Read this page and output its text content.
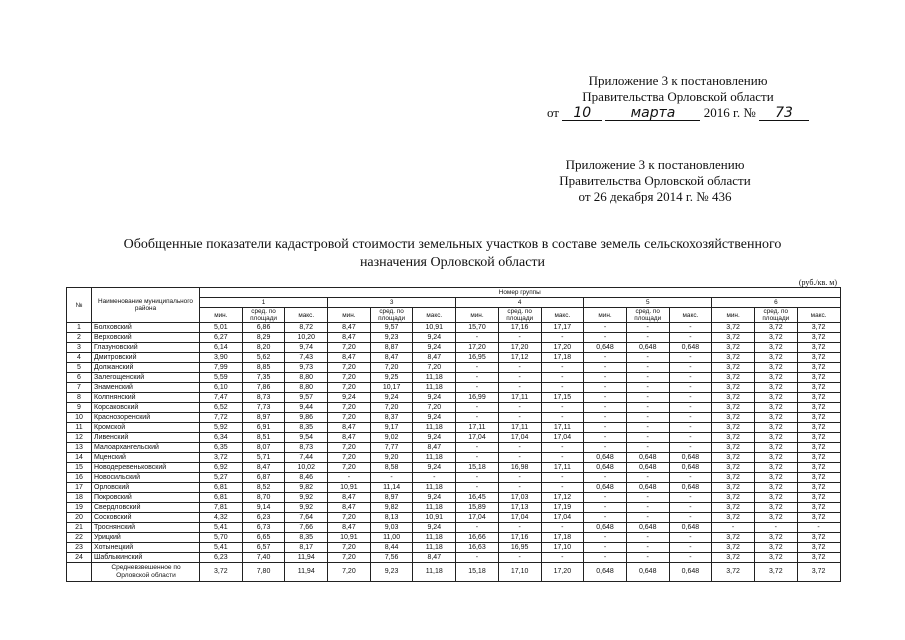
Приложение 3 к постановлению
Правительства Орловской области
от 10	марта 2016 г. № 73
Приложение 3 к постановлению
Правительства Орловской области
от 26 декабря 2014 г. № 436
Обобщенные показатели кадастровой стоимости земельных участков в составе земель сельскохозяйственного
назначения Орловской области
(руб./кв. м)
№	Наименование муниципального района	Номер группы														
		1			3			4			5			6		
		мин.	сред. по площади	макс.	мин.	сред. по площади	макс.	мин.	сред. по площади	макс.	мин.	сред. по площади	макс.	мин.	сред. по площади	макс.
1	Болховский	5,01	6,86	8,72	8,47	9,57	10,91	15,70	17,16	17,17	-	-	-	3,72	3,72	3,72
2	Верховский	6,27	8,29	10,20	8,47	9,23	9,24	-	-	-	-	-	-	3,72	3,72	3,72
3	Глазуновский	6,14	8,20	9,74	7,20	8,87	9,24	17,20	17,20	17,20	0,648	0,648	0,648	3,72	3,72	3,72
4	Дмитровский	3,90	5,62	7,43	8,47	8,47	8,47	16,95	17,12	17,18	-	-	-	3,72	3,72	3,72
5	Должанский	7,99	8,85	9,73	7,20	7,20	7,20	-	-	-	-	-	-	3,72	3,72	3,72
6	Залегощенский	5,59	7,35	8,80	7,20	9,25	11,18	-	-	-	-	-	-	3,72	3,72	3,72
7	Знаменский	6,10	7,86	8,80	7,20	10,17	11,18	-	-	-	-	-	-	3,72	3,72	3,72
8	Колпнянский	7,47	8,73	9,57	9,24	9,24	9,24	16,99	17,11	17,15	-	-	-	3,72	3,72	3,72
9	Корсаковский	6,52	7,73	9,44	7,20	7,20	7,20	-	-	-	-	-	-	3,72	3,72	3,72
10	Краснозоренский	7,72	8,97	9,86	7,20	8,37	9,24	-	-	-	-	-	-	3,72	3,72	3,72
11	Кромской	5,92	6,91	8,35	8,47	9,17	11,18	17,11	17,11	17,11	-	-	-	3,72	3,72	3,72
12	Ливенский	6,34	8,51	9,54	8,47	9,02	9,24	17,04	17,04	17,04	-	-	-	3,72	3,72	3,72
13	Малоархангельский	6,35	8,07	8,73	7,20	7,77	8,47	-	-	-	-	-	-	3,72	3,72	3,72
14	Мценский	3,72	5,71	7,44	7,20	9,20	11,18	-	-	-	0,648	0,648	0,648	3,72	3,72	3,72
15	Новодеревеньковский	6,92	8,47	10,02	7,20	8,58	9,24	15,18	16,98	17,11	0,648	0,648	0,648	3,72	3,72	3,72
16	Новосильский	5,27	6,87	8,46	-	-	-	-	-	-	-	-	-	3,72	3,72	3,72
17	Орловский	6,81	8,52	9,82	10,91	11,14	11,18	-	-	-	0,648	0,648	0,648	3,72	3,72	3,72
18	Покровский	6,81	8,70	9,92	8,47	8,97	9,24	16,45	17,03	17,12	-	-	-	3,72	3,72	3,72
19	Свердловский	7,81	9,14	9,92	8,47	9,82	11,18	15,89	17,13	17,19	-	-	-	3,72	3,72	3,72
20	Сосковский	4,32	6,23	7,64	7,20	8,13	10,91	17,04	17,04	17,04	-	-	-	3,72	3,72	3,72
21	Троснянский	5,41	6,73	7,66	8,47	9,03	9,24	-	-	-	0,648	0,648	0,648	-	-	-
22	Урицкий	5,70	6,65	8,35	10,91	11,00	11,18	16,66	17,16	17,18	-	-	-	3,72	3,72	3,72
23	Хотынецкий	5,41	6,57	8,17	7,20	8,44	11,18	16,63	16,95	17,10	-	-	-	3,72	3,72	3,72
24	Шаблыкинский	6,23	7,40	11,94	7,20	7,56	8,47	-	-	-	-	-	-	3,72	3,72	3,72
	Средневзвешенное по Орловской области	3,72	7,80	11,94	7,20	9,23	11,18	15,18	17,10	17,20	0,648	0,648	0,648	3,72	3,72	3,72
